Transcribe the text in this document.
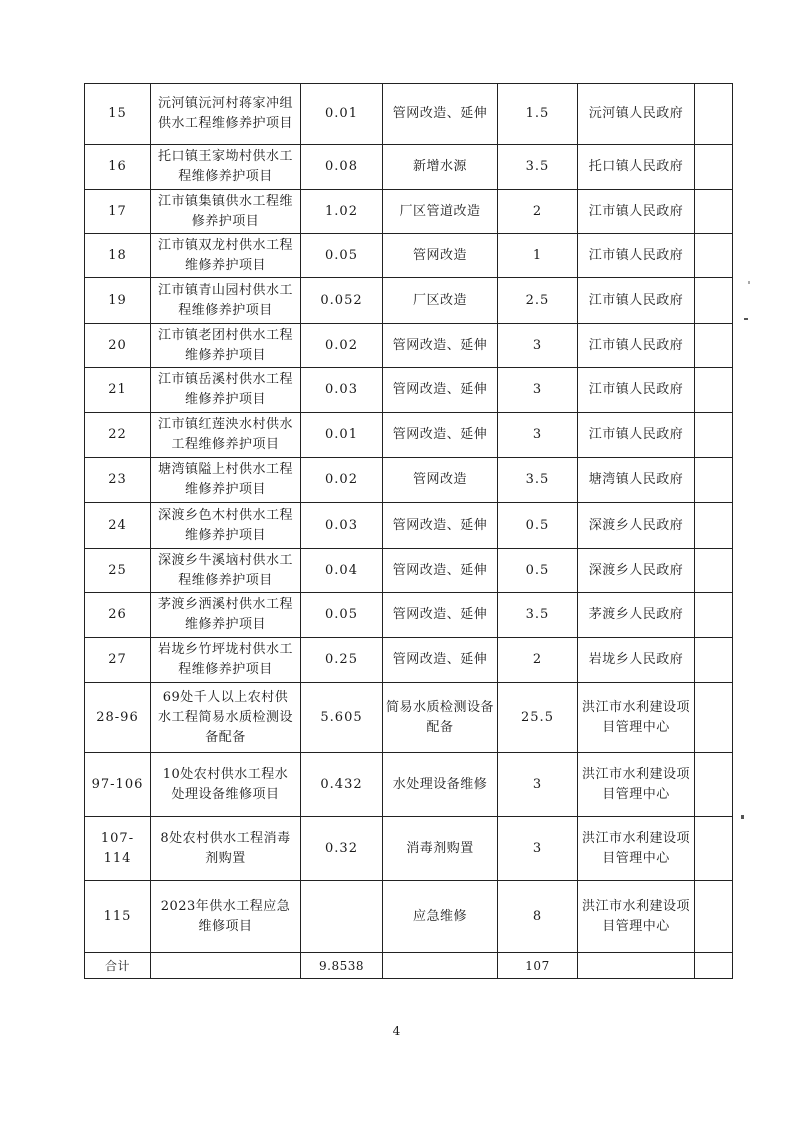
15	沅河镇沅河村蒋家冲组供水工程维修养护项目	0.01	管网改造、延伸	1.5	沅河镇人民政府	

16	托口镇王家坳村供水工程维修养护项目	0.08	新增水源	3.5	托口镇人民政府	

17	江市镇集镇供水工程维修养护项目	1.02	厂区管道改造	2	江市镇人民政府	

18	江市镇双龙村供水工程维修养护项目	0.05	管网改造	1	江市镇人民政府	

19	江市镇青山园村供水工程维修养护项目	0.052	厂区改造	2.5	江市镇人民政府	

20	江市镇老团村供水工程维修养护项目	0.02	管网改造、延伸	3	江市镇人民政府	

21	江市镇岳溪村供水工程维修养护项目	0.03	管网改造、延伸	3	江市镇人民政府	

22	江市镇红莲泱水村供水工程维修养护项目	0.01	管网改造、延伸	3	江市镇人民政府	

23	塘湾镇隘上村供水工程维修养护项目	0.02	管网改造	3.5	塘湾镇人民政府	

24	深渡乡色木村供水工程维修养护项目	0.03	管网改造、延伸	0.5	深渡乡人民政府	

25	深渡乡牛溪垴村供水工程维修养护项目	0.04	管网改造、延伸	0.5	深渡乡人民政府	

26	茅渡乡洒溪村供水工程维修养护项目	0.05	管网改造、延伸	3.5	茅渡乡人民政府	

27	岩垅乡竹坪垅村供水工程维修养护项目	0.25	管网改造、延伸	2	岩垅乡人民政府	

28-96	69处千人以上农村供水工程简易水质检测设备配备	5.605	简易水质检测设备配备	25.5	洪江市水利建设项目管理中心	

97-106	10处农村供水工程水处理设备维修项目	0.432	水处理设备维修	3	洪江市水利建设项目管理中心	

107-114	8处农村供水工程消毒剂购置	0.32	消毒剂购置	3	洪江市水利建设项目管理中心	

115	2023年供水工程应急维修项目		应急维修	8	洪江市水利建设项目管理中心	

合计		9.8538		107		
4
